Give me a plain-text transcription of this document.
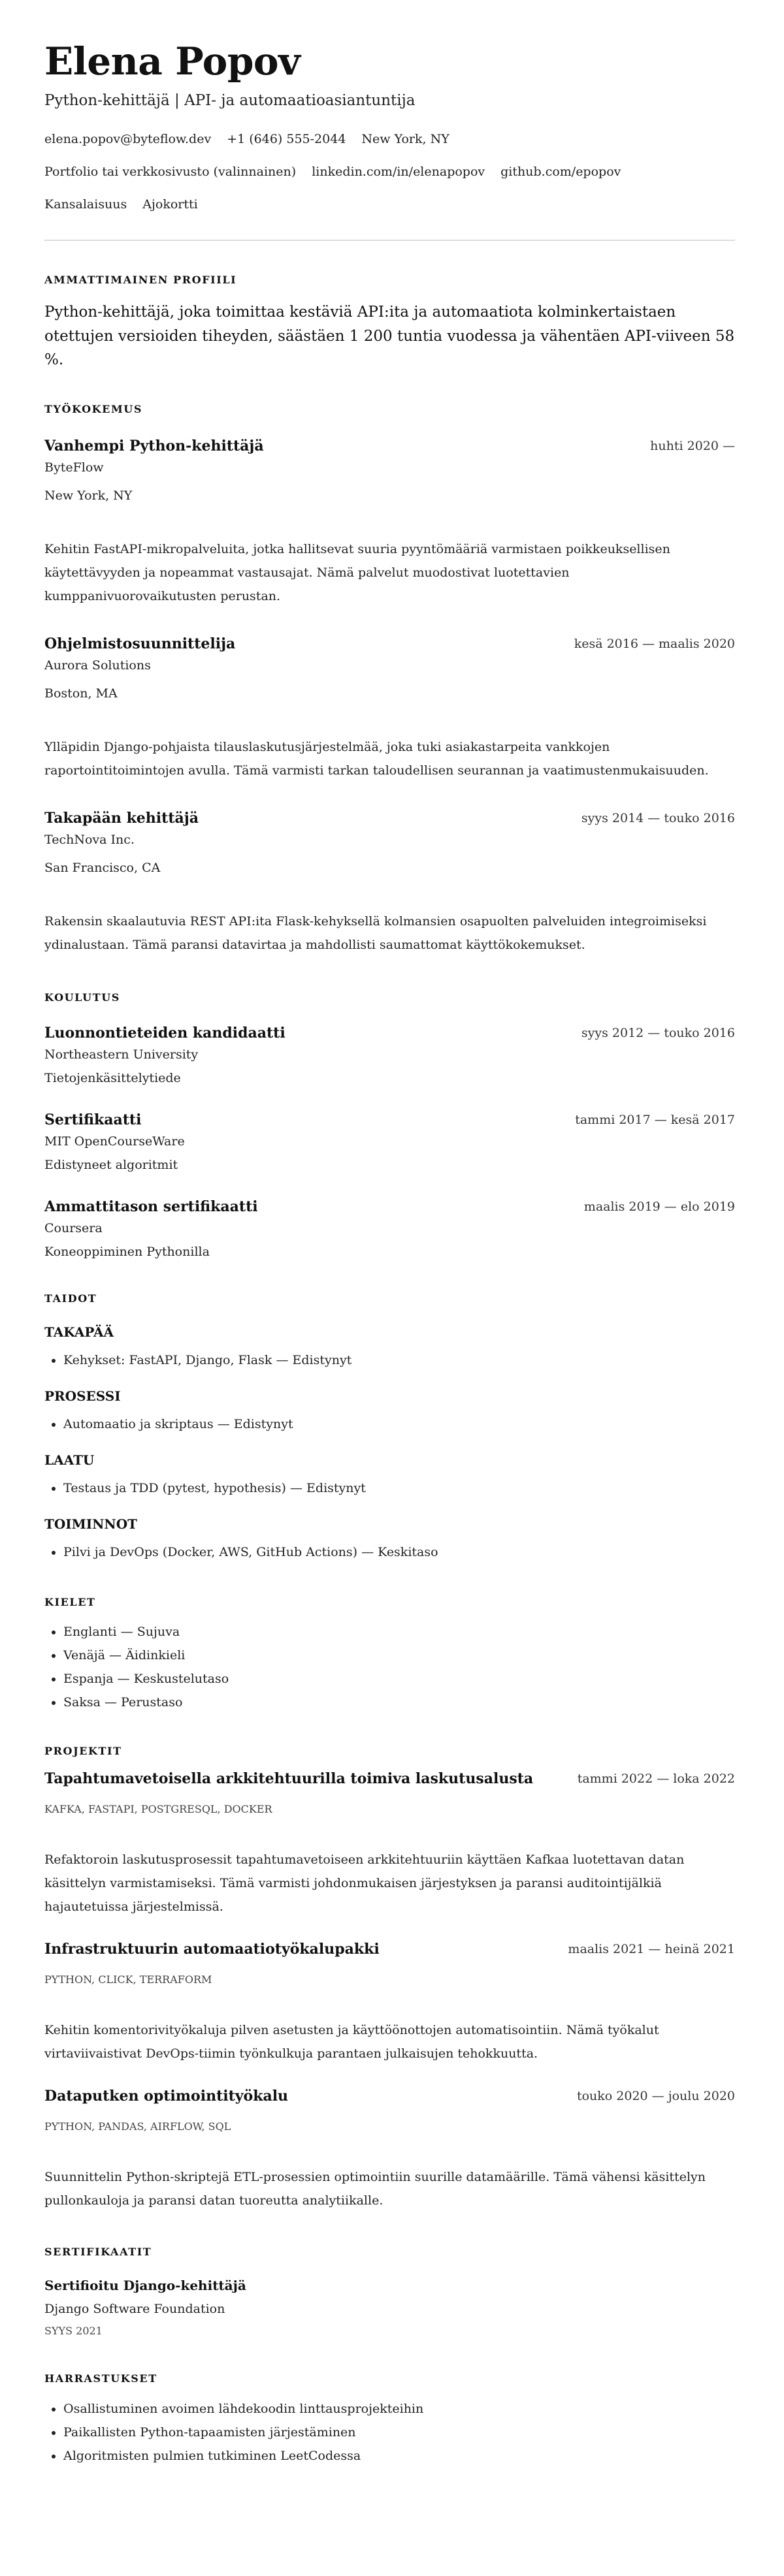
Elena Popov
Python-kehittäjä | API- ja automaatioasiantuntija
elena.popov@byteflow.dev +1 (646) 555-2044 New York, NY
Portfolio tai verkkosivusto (valinnainen) linkedin.com/in/elenapopov github.com/epopov
Kansalaisuus Ajokortti
AMMATTIMAINEN PROFIILI

Python-kehittäjä, joka toimittaa kestäviä API:ita ja automaatiota kolminkertaistaen otettujen versioiden tiheyden, säästäen 1 200 tuntia vuodessa ja vähentäen API-viiveen 58 %.

TYÖKOKEMUS
Vanhempi Python-kehittäjä	huhti 2020 —
ByteFlow
New York, NY
Kehitin FastAPI-mikropalveluita, jotka hallitsevat suuria pyyntömääriä varmistaen poikkeuksellisen käytettävyyden ja nopeammat vastausajat. Nämä palvelut muodostivat luotettavien kumppanivuorovaikutusten perustan.
Ohjelmistosuunnittelija	kesä 2016 — maalis 2020
Aurora Solutions
Boston, MA
Ylläpidin Django-pohjaista tilauslaskutusjärjestelmää, joka tuki asiakastarpeita vankkojen raportointitoimintojen avulla. Tämä varmisti tarkan taloudellisen seurannan ja vaatimustenmukaisuuden.
Takapään kehittäjä	syys 2014 — touko 2016
TechNova Inc.
San Francisco, CA
Rakensin skaalautuvia REST API:ita Flask-kehyksellä kolmansien osapuolten palveluiden integroimiseksi ydinalustaan. Tämä paransi datavirtaa ja mahdollisti saumattomat käyttökokemukset.
KOULUTUS
Luonnontieteiden kandidaatti	syys 2012 — touko 2016
Northeastern University
Tietojenkäsittelytiede
Sertifikaatti	tammi 2017 — kesä 2017
MIT OpenCourseWare
Edistyneet algoritmit
Ammattitason sertifikaatti	maalis 2019 — elo 2019
Coursera
Koneoppiminen Pythonilla
TAIDOT
TAKAPÄÄ
• Kehykset: FastAPI, Django, Flask — Edistynyt
PROSESSI
• Automaatio ja skriptaus — Edistynyt
LAATU
• Testaus ja TDD (pytest, hypothesis) — Edistynyt
TOIMINNOT
• Pilvi ja DevOps (Docker, AWS, GitHub Actions) — Keskitaso
KIELET
• Englanti — Sujuva
• Venäjä — Äidinkieli
• Espanja — Keskustelutaso
• Saksa — Perustaso
PROJEKTIT
Tapahtumavetoisella arkkitehtuurilla toimiva laskutusalusta	tammi 2022 — loka 2022
KAFKA, FASTAPI, POSTGRESQL, DOCKER
Refaktoroin laskutusprosessit tapahtumavetoiseen arkkitehtuuriin käyttäen Kafkaa luotettavan datan käsittelyn varmistamiseksi. Tämä varmisti johdonmukaisen järjestyksen ja paransi auditointijälkiä hajautetuissa järjestelmissä.
Infrastruktuurin automaatiotyökalupakki	maalis 2021 — heinä 2021
PYTHON, CLICK, TERRAFORM
Kehitin komentorivityökaluja pilven asetusten ja käyttöönottojen automatisointiin. Nämä työkalut virtaviivaistivat DevOps-tiimin työnkulkuja parantaen julkaisujen tehokkuutta.
Dataputken optimointityökalu	touko 2020 — joulu 2020
PYTHON, PANDAS, AIRFLOW, SQL
Suunnittelin Python-skriptejä ETL-prosessien optimointiin suurille datamäärille. Tämä vähensi käsittelyn pullonkauloja ja paransi datan tuoreutta analytiikalle.
SERTIFIKAATIT
Sertifioitu Django-kehittäjä
Django Software Foundation
SYYS 2021
HARRASTUKSET
• Osallistuminen avoimen lähdekoodin linttausprojekteihin
• Paikallisten Python-tapaamisten järjestäminen
• Algoritmisten pulmien tutkiminen LeetCodessa
